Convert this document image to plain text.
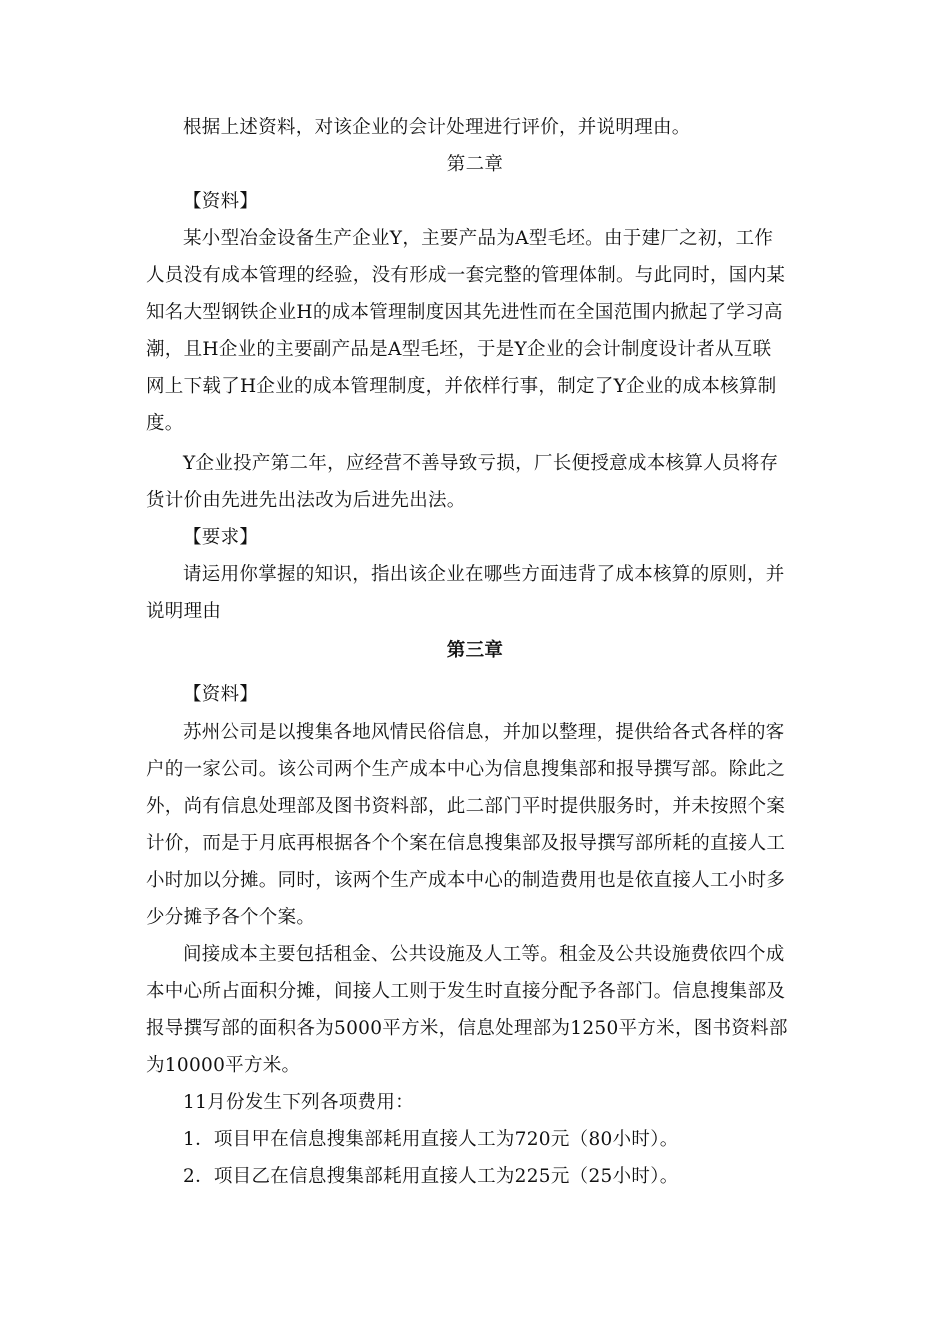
根据上述资料，对该企业的会计处理进行评价，并说明理由。
第二章
【资料】
某小型冶金设备生产企业Y，主要产品为A型毛坯。由于建厂之初，工作
人员没有成本管理的经验，没有形成一套完整的管理体制。与此同时，国内某
知名大型钢铁企业H的成本管理制度因其先进性而在全国范围内掀起了学习高
潮，且H企业的主要副产品是A型毛坯，于是Y企业的会计制度设计者从互联
网上下载了H企业的成本管理制度，并依样行事，制定了Y企业的成本核算制
度。
Y企业投产第二年，应经营不善导致亏损，厂长便授意成本核算人员将存
货计价由先进先出法改为后进先出法。
【要求】
请运用你掌握的知识，指出该企业在哪些方面违背了成本核算的原则，并
说明理由
第三章
【资料】
苏州公司是以搜集各地风情民俗信息，并加以整理，提供给各式各样的客
户的一家公司。该公司两个生产成本中心为信息搜集部和报导撰写部。除此之
外，尚有信息处理部及图书资料部，此二部门平时提供服务时，并未按照个案
计价，而是于月底再根据各个个案在信息搜集部及报导撰写部所耗的直接人工
小时加以分摊。同时，该两个生产成本中心的制造费用也是依直接人工小时多
少分摊予各个个案。
间接成本主要包括租金、公共设施及人工等。租金及公共设施费依四个成
本中心所占面积分摊，间接人工则于发生时直接分配予各部门。信息搜集部及
报导撰写部的面积各为5000平方米，信息处理部为1250平方米，图书资料部
为10000平方米。
11月份发生下列各项费用：
1．项目甲在信息搜集部耗用直接人工为720元（80小时）。
2．项目乙在信息搜集部耗用直接人工为225元（25小时）。
